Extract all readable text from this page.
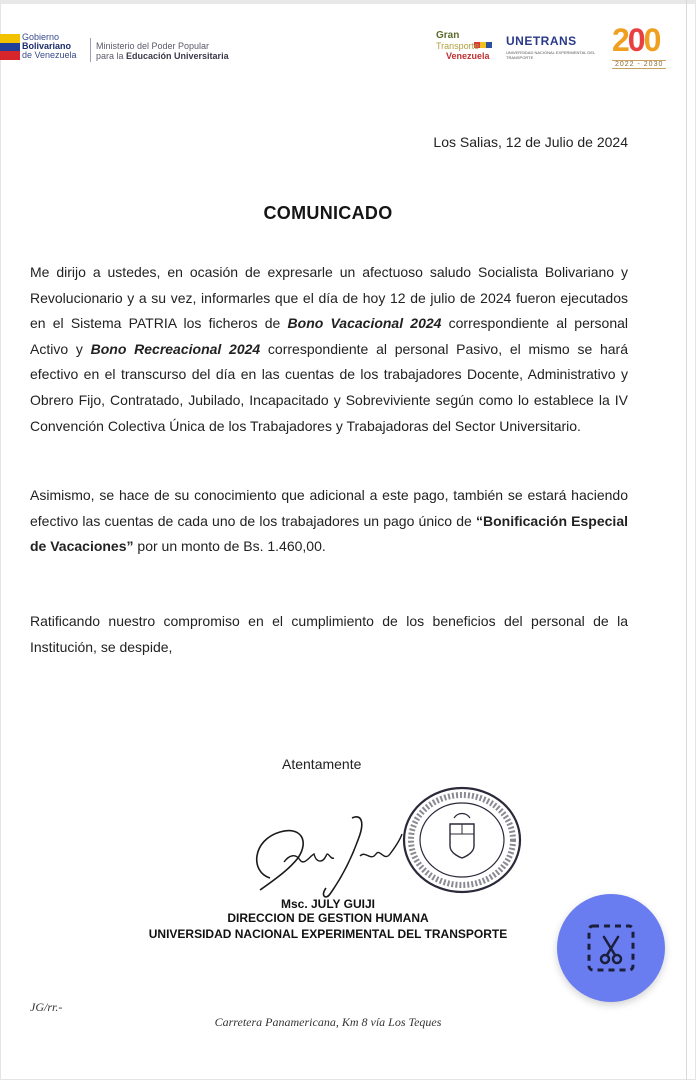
Gobierno
Bolivariano
de Venezuela
Ministerio del Poder Popular
para la Educación Universitaria
Gran
Transporte
Venezuela
UNETRANS
UNIVERSIDAD NACIONAL EXPERIMENTAL DEL TRANSPORTE	200
2022 - 2030
Los Salias, 12 de Julio de 2024
COMUNICADO
Me dirijo a ustedes, en ocasión de expresarle un afectuoso saludo Socialista Bolivariano y Revolucionario y a su vez, informarles que el día de hoy 12 de julio de 2024 fueron ejecutados en el Sistema PATRIA los ficheros de Bono Vacacional 2024 correspondiente al personal Activo y Bono Recreacional 2024 correspondiente al personal Pasivo, el mismo se hará efectivo en el transcurso del día en las cuentas de los trabajadores Docente, Administrativo y Obrero Fijo, Contratado, Jubilado, Incapacitado y Sobreviviente según como lo establece la IV Convención Colectiva Única de los Trabajadores y Trabajadoras del Sector Universitario.
Asimismo, se hace de su conocimiento que adicional a este pago, también se estará haciendo efectivo las cuentas de cada uno de los trabajadores un pago único de “Bonificación Especial de Vacaciones” por un monto de Bs. 1.460,00.
Ratificando nuestro compromiso en el cumplimiento de los beneficios del personal de la Institución, se despide,
Atentamente
Msc. JULY GUIJI
DIRECCION DE GESTION HUMANA
UNIVERSIDAD NACIONAL EXPERIMENTAL DEL TRANSPORTE
JG/rr.-
Carretera Panamericana, Km 8 vía Los Teques
